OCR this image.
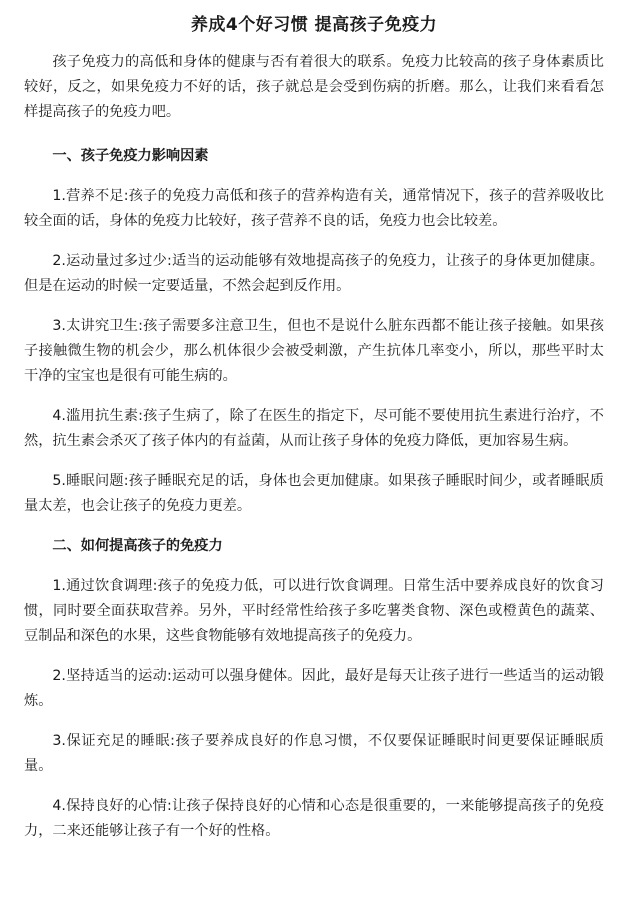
养成4个好习惯 提高孩子免疫力

孩子免疫力的高低和身体的健康与否有着很大的联系。免疫力比较高的孩子身体素质比较好，反之，如果免疫力不好的话，孩子就总是会受到伤病的折磨。那么，让我们来看看怎样提高孩子的免疫力吧。

一、孩子免疫力影响因素

1.营养不足:孩子的免疫力高低和孩子的营养构造有关，通常情况下，孩子的营养吸收比较全面的话，身体的免疫力比较好，孩子营养不良的话，免疫力也会比较差。

2.运动量过多过少:适当的运动能够有效地提高孩子的免疫力，让孩子的身体更加健康。但是在运动的时候一定要适量，不然会起到反作用。

3.太讲究卫生:孩子需要多注意卫生，但也不是说什么脏东西都不能让孩子接触。如果孩子接触微生物的机会少，那么机体很少会被受刺激，产生抗体几率变小，所以，那些平时太干净的宝宝也是很有可能生病的。

4.滥用抗生素:孩子生病了，除了在医生的指定下，尽可能不要使用抗生素进行治疗，不然，抗生素会杀灭了孩子体内的有益菌，从而让孩子身体的免疫力降低，更加容易生病。

5.睡眠问题:孩子睡眠充足的话，身体也会更加健康。如果孩子睡眠时间少，或者睡眠质量太差，也会让孩子的免疫力更差。

二、如何提高孩子的免疫力

1.通过饮食调理:孩子的免疫力低，可以进行饮食调理。日常生活中要养成良好的饮食习惯，同时要全面获取营养。另外，平时经常性给孩子多吃薯类食物、深色或橙黄色的蔬菜、豆制品和深色的水果，这些食物能够有效地提高孩子的免疫力。

2.坚持适当的运动:运动可以强身健体。因此，最好是每天让孩子进行一些适当的运动锻炼。

3.保证充足的睡眠:孩子要养成良好的作息习惯，不仅要保证睡眠时间更要保证睡眠质量。

4.保持良好的心情:让孩子保持良好的心情和心态是很重要的，一来能够提高孩子的免疫力，二来还能够让孩子有一个好的性格。
